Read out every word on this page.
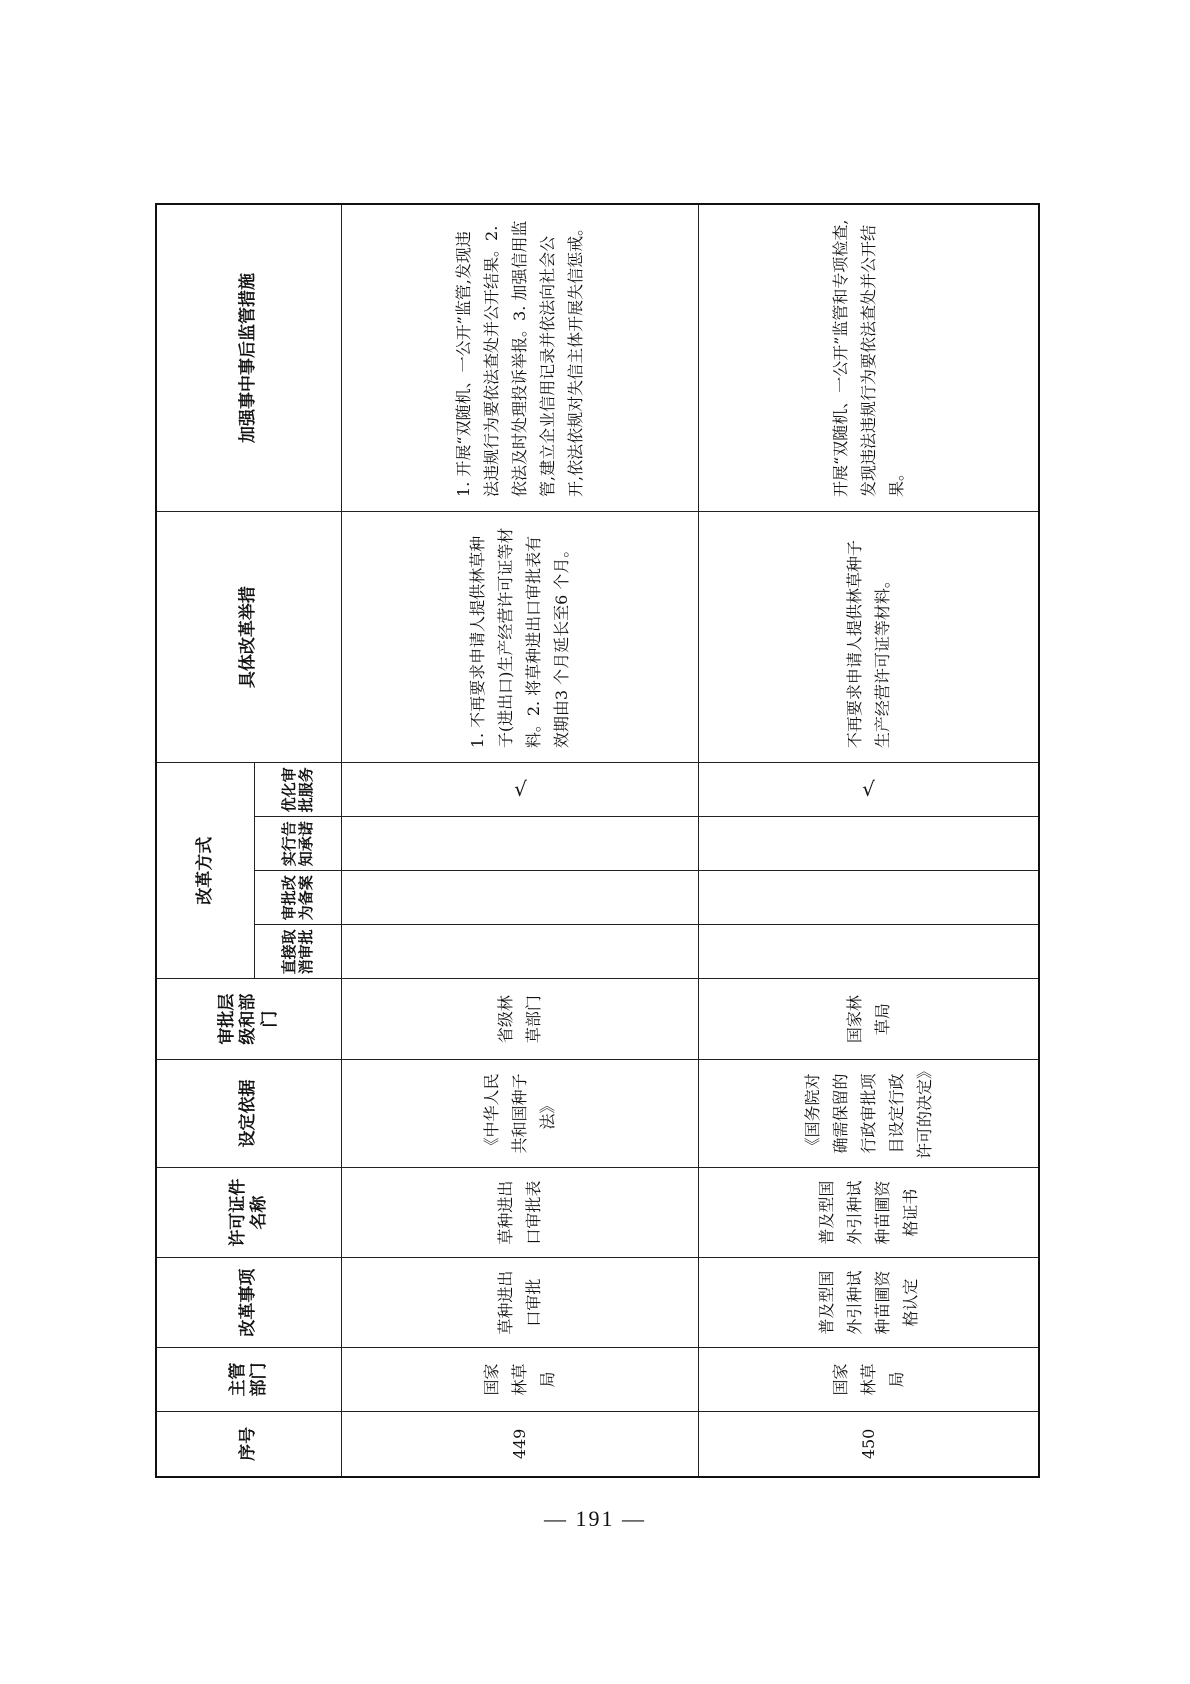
序号	主管部门	改革事项	许可证件名称	设定依据	审批层级和部门	改革方式				具体改革举措	加强事中事后监管措施
						直接取消审批	审批改为备案	实行告知承诺	优化审批服务		
449	国家林草局	草种进出口审批	草种进出口审批表	《中华人民共和国种子法》	省级林草部门				√	1. 不再要求申请人提供林草种子(进出口)生产经营许可证等材料。2. 将草种进出口审批表有效期由3 个月延长至6 个月。	1. 开展“双随机、一公开”监管,发现违法违规行为要依法查处并公开结果。2. 依法及时处理投诉举报。3. 加强信用监管,建立企业信用记录并依法向社会公开,依法依规对失信主体开展失信惩戒。
450	国家林草局	普及型国外引种试种苗圃资格认定	普及型国外引种试种苗圃资格证书	《国务院对确需保留的行政审批项目设定行政许可的决定》	国家林草局				√	不再要求申请人提供林草种子生产经营许可证等材料。	开展“双随机、一公开”监管和专项检查,发现违法违规行为要依法查处并公开结果。
— 191 —
